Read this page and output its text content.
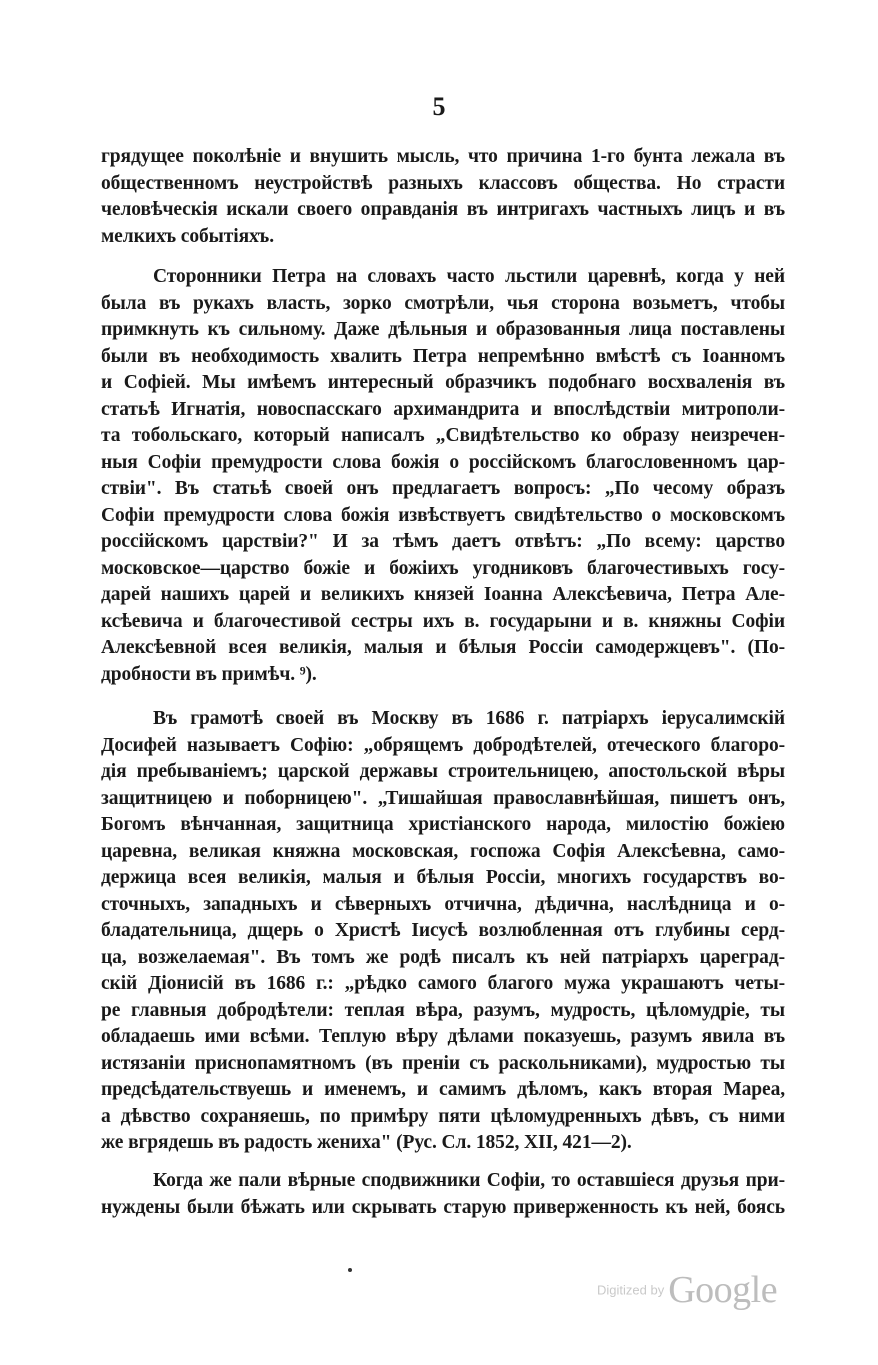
5
грядущее поколѣніе и внушить мысль, что причина 1-го бунта лежала въ
общественномъ неустройствѣ разныхъ классовъ общества. Но страсти
человѣческія искали своего оправданія въ интригахъ частныхъ лицъ и въ
мелкихъ событіяхъ.
Сторонники Петра на словахъ часто льстили царевнѣ, когда у ней
была въ рукахъ власть, зорко смотрѣли, чья сторона возьметъ, чтобы
примкнуть къ сильному. Даже дѣльныя и образованныя лица поставлены
были въ необходимость хвалить Петра непремѣнно вмѣстѣ съ Іоанномъ
и Софіей. Мы имѣемъ интересный образчикъ подобнаго восхваленія въ
статьѣ Игнатія, новоспасскаго архимандрита и впослѣдствіи митрополи-
та тобольскаго, который написалъ „Свидѣтельство ко образу неизречен-
ныя Софіи премудрости слова божія о россійскомъ благословенномъ цар-
ствіи". Въ статьѣ своей онъ предлагаетъ вопросъ: „По чесому образъ
Софіи премудрости слова божія извѣствуетъ свидѣтельство о московскомъ
россійскомъ царствіи?" И за тѣмъ даетъ отвѣтъ: „По всему: царство
московское—царство божіе и божіихъ угодниковъ благочестивыхъ госу-
дарей нашихъ царей и великихъ князей Іоанна Алексѣевича, Петра Але-
ксѣевича и благочестивой сестры ихъ в. государыни и в. княжны Софіи
Алексѣевной всея великія, малыя и бѣлыя Россіи самодержцевъ". (По-
дробности въ примѣч. ⁹).
Въ грамотѣ своей въ Москву въ 1686 г. патріархъ іерусалимскій
Досифей называетъ Софію: „обрящемъ добродѣтелей, отеческого благоро-
дія пребываніемъ; царской державы строительницею, апостольской вѣры
защитницею и поборницею". „Тишайшая православнѣйшая, пишетъ онъ,
Богомъ вѣнчанная, защитница христіанского народа, милостію божіею
царевна, великая княжна московская, госпожа Софія Алексѣевна, само-
держица всея великія, малыя и бѣлыя Россіи, многихъ государствъ во-
сточныхъ, западныхъ и сѣверныхъ отчична, дѣдична, наслѣдница и о-
бладательница, дщерь о Христѣ Іисусѣ возлюбленная отъ глубины серд-
ца, возжелаемая". Въ томъ же родѣ писалъ къ ней патріархъ цареград-
скій Діонисій въ 1686 г.: „рѣдко самого благого мужа украшаютъ четы-
ре главныя добродѣтели: теплая вѣра, разумъ, мудрость, цѣломудріе, ты
обладаешь ими всѣми. Теплую вѣру дѣлами показуешь, разумъ явила въ
истязаніи приснопамятномъ (въ преніи съ раскольниками), мудростью ты
предсѣдательствуешь и именемъ, и самимъ дѣломъ, какъ вторая Мареа,
а дѣвство сохраняешь, по примѣру пяти цѣломудренныхъ дѣвъ, съ ними
же вгрядешь въ радость жениха" (Рус. Сл. 1852, XII, 421—2).
Когда же пали вѣрные сподвижники Софіи, то оставшіеся друзья при-
нуждены были бѣжать или скрывать старую приверженность къ ней, боясь
Digitized by Google
